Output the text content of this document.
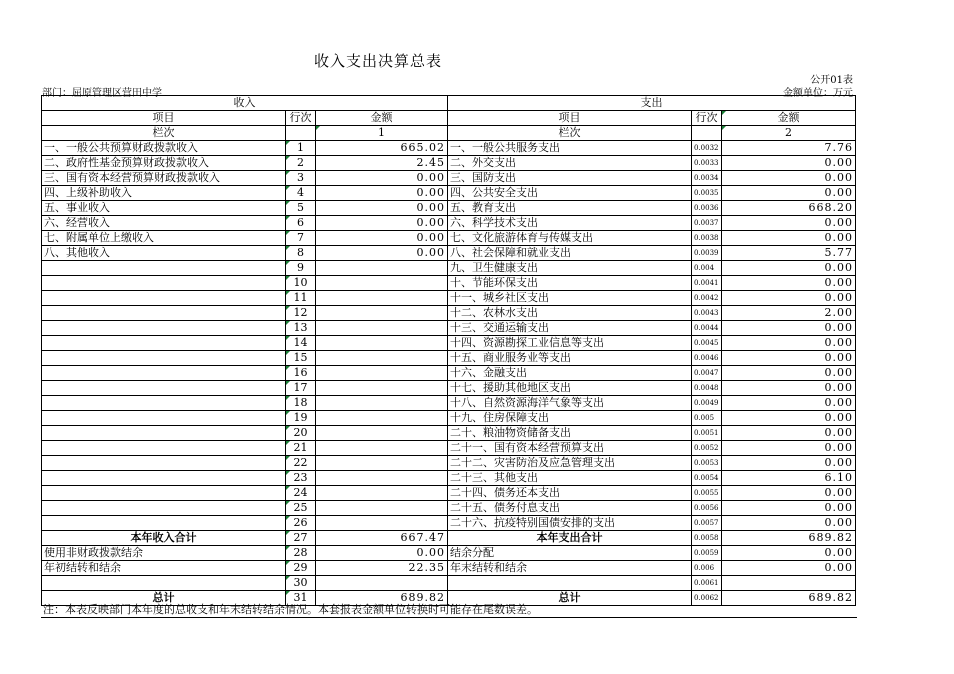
收入支出决算总表
公开01表
部门：屈原管理区营田中学	金额单位：万元
收入			支出		
项目	行次	金额	项目	行次	金额
栏次		1	栏次		2
一、一般公共预算财政拨款收入	1	665.02	一、一般公共服务支出	0.0032	7.76
二、政府性基金预算财政拨款收入	2	2.45	二、外交支出	0.0033	0.00
三、国有资本经营预算财政拨款收入	3	0.00	三、国防支出	0.0034	0.00
四、上级补助收入	4	0.00	四、公共安全支出	0.0035	0.00
五、事业收入	5	0.00	五、教育支出	0.0036	668.20
六、经营收入	6	0.00	六、科学技术支出	0.0037	0.00
七、附属单位上缴收入	7	0.00	七、文化旅游体育与传媒支出	0.0038	0.00
八、其他收入	8	0.00	八、社会保障和就业支出	0.0039	5.77
	9		九、卫生健康支出	0.004	0.00
	10		十、节能环保支出	0.0041	0.00
	11		十一、城乡社区支出	0.0042	0.00
	12		十二、农林水支出	0.0043	2.00
	13		十三、交通运输支出	0.0044	0.00
	14		十四、资源勘探工业信息等支出	0.0045	0.00
	15		十五、商业服务业等支出	0.0046	0.00
	16		十六、金融支出	0.0047	0.00
	17		十七、援助其他地区支出	0.0048	0.00
	18		十八、自然资源海洋气象等支出	0.0049	0.00
	19		十九、住房保障支出	0.005	0.00
	20		二十、粮油物资储备支出	0.0051	0.00
	21		二十一、国有资本经营预算支出	0.0052	0.00
	22		二十二、灾害防治及应急管理支出	0.0053	0.00
	23		二十三、其他支出	0.0054	6.10
	24		二十四、债务还本支出	0.0055	0.00
	25		二十五、债务付息支出	0.0056	0.00
	26		二十六、抗疫特别国债安排的支出	0.0057	0.00
本年收入合计	27	667.47	本年支出合计	0.0058	689.82
使用非财政拨款结余	28	0.00	结余分配	0.0059	0.00
年初结转和结余	29	22.35	年末结转和结余	0.006	0.00
	30			0.0061	
总计	31	689.82	总计	0.0062	689.82
注：本表反映部门本年度的总收支和年末结转结余情况。本套报表金额单位转换时可能存在尾数误差。
